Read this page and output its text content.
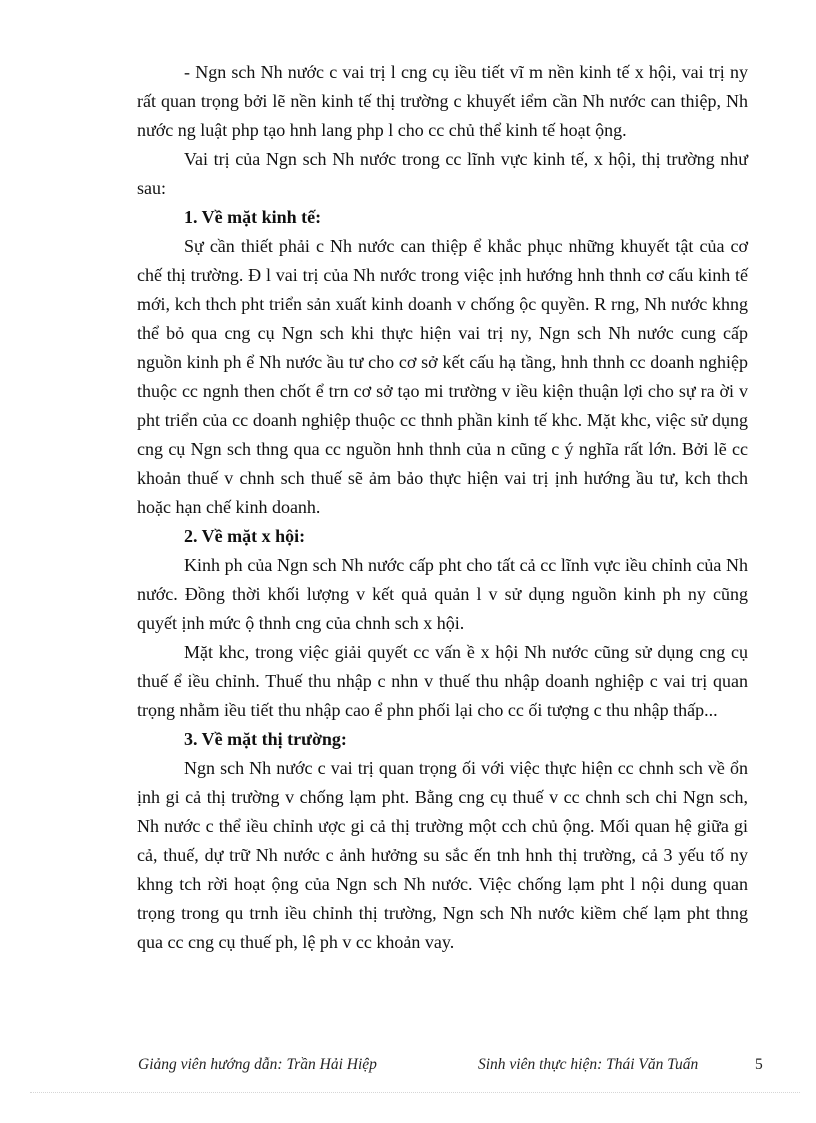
- Ngn sch Nh nước c vai trị l cng cụ iều tiết vĩ m nền kinh tế x hội, vai trị ny rất quan trọng bởi lẽ nền kinh tế thị trường c khuyết iểm cần Nh nước can thiệp, Nh nước ng luật php tạo hnh lang php l cho cc chủ thể kinh tế hoạt ộng.

Vai trị của Ngn sch Nh nước trong cc lĩnh vực kinh tế, x hội, thị trường như sau:

1. Về mặt kinh tế:

Sự cần thiết phải c Nh nước can thiệp ể khắc phục những khuyết tật của cơ chế thị trường. Đ l vai trị của Nh nước trong việc ịnh hướng hnh thnh cơ cấu kinh tế mới, kch thch pht triển sản xuất kinh doanh v chống ộc quyền. R rng, Nh nước khng thể bỏ qua cng cụ Ngn sch khi thực hiện vai trị ny, Ngn sch Nh nước cung cấp nguồn kinh ph ể Nh nước ầu tư cho cơ sở kết cấu hạ tầng, hnh thnh cc doanh nghiệp thuộc cc ngnh then chốt ể trn cơ sở tạo mi trường v iều kiện thuận lợi cho sự ra ời v pht triển của cc doanh nghiệp thuộc cc thnh phần kinh tế khc. Mặt khc, việc sử dụng cng cụ Ngn sch thng qua cc nguồn hnh thnh của n cũng c ý nghĩa rất lớn. Bởi lẽ cc khoản thuế v chnh sch thuế sẽ ảm bảo thực hiện vai trị ịnh hướng ầu tư, kch thch hoặc hạn chế kinh doanh.

2. Về mặt x hội:

Kinh ph của Ngn sch Nh nước cấp pht cho tất cả cc lĩnh vực iều chỉnh của Nh nước. Đồng thời khối lượng v kết quả quản l v sử dụng nguồn kinh ph ny cũng quyết ịnh mức ộ thnh cng của chnh sch x hội.

Mặt khc, trong việc giải quyết cc vấn ề x hội Nh nước cũng sử dụng cng cụ thuế ể iều chỉnh. Thuế thu nhập c nhn v thuế thu nhập doanh nghiệp c vai trị quan trọng nhằm iều tiết thu nhập cao ể phn phối lại cho cc ối tượng c thu nhập thấp...

3. Về mặt thị trường:

Ngn sch Nh nước c vai trị quan trọng ối với việc thực hiện cc chnh sch về ổn ịnh gi cả thị trường v chống lạm pht. Bằng cng cụ thuế v cc chnh sch chi Ngn sch, Nh nước c thể iều chỉnh ược gi cả thị trường một cch chủ ộng. Mối quan hệ giữa gi cả, thuế, dự trữ Nh nước c ảnh hưởng su sắc ến tnh hnh thị trường, cả 3 yếu tố ny khng tch rời hoạt ộng của Ngn sch Nh nước. Việc chống lạm pht l nội dung quan trọng trong qu trnh iều chỉnh thị trường, Ngn sch Nh nước kiềm chế lạm pht thng qua cc cng cụ thuế ph, lệ ph v cc khoản vay.

Giảng viên hướng dẫn: Trần Hải Hiệp	Sinh viên thực hiện: Thái Văn Tuấn	5
